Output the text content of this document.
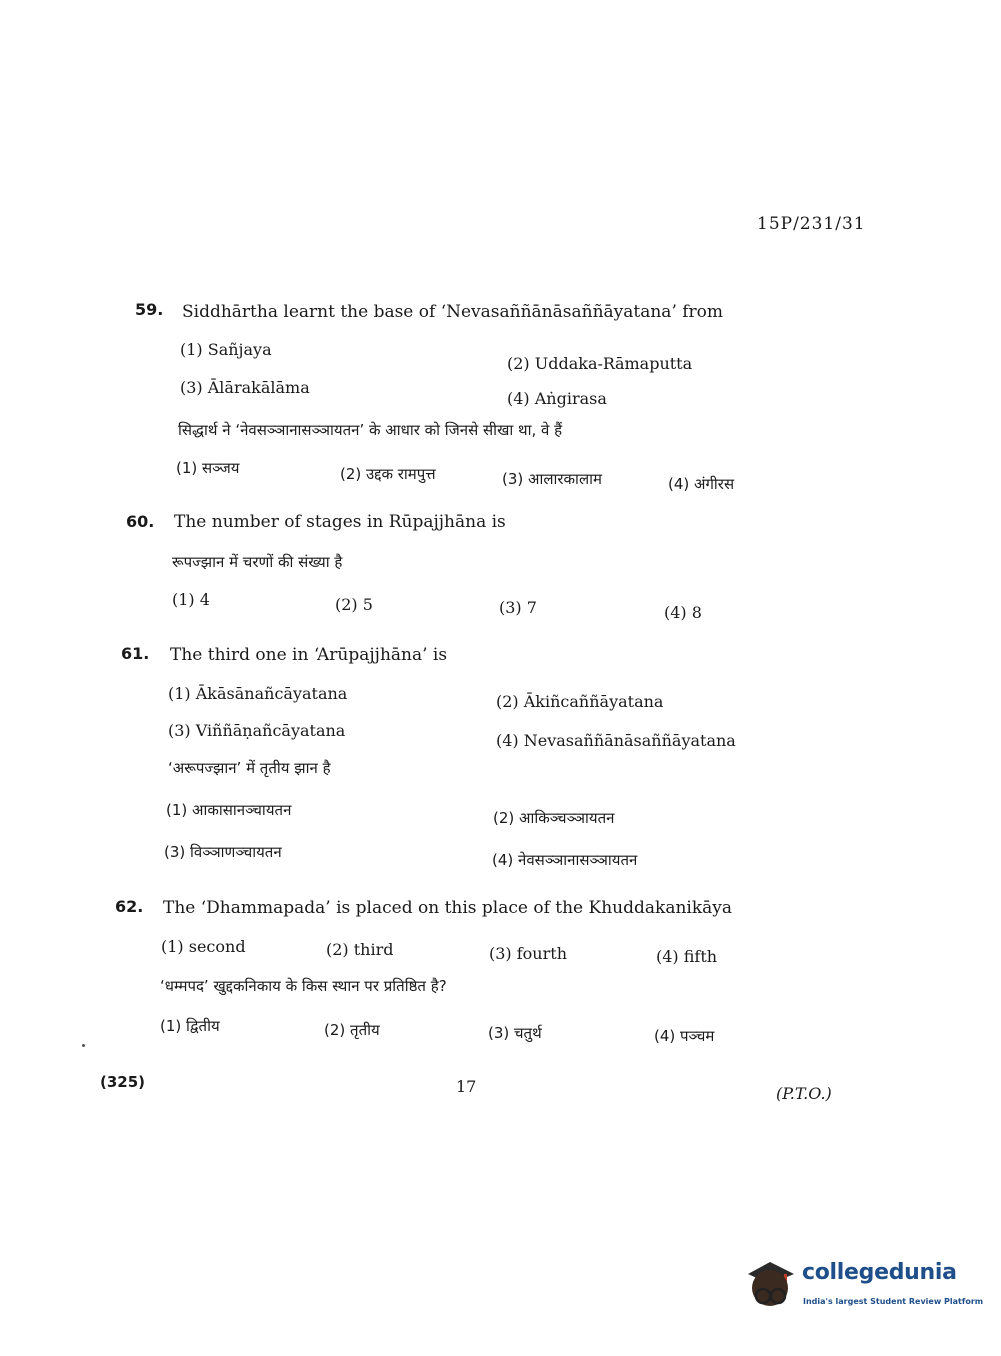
15P/231/31
59. Siddhārtha learnt the base of ‘Nevasaññānāsaññāyatana’ from
(1) Sañjaya
(2) Uddaka-Rāmaputta
(3) Ālārakālāma
(4) Aṅgirasa
सिद्धार्थ ने ‘नेवसञ्ञानासञ्ञायतन’ के आधार को जिनसे सीखा था, वे हैं
(1) सञ्जय	(2) उद्दक रामपुत्त	(3) आलारकालाम	(4) अंगीरस
60. The number of stages in Rūpajjhāna is
रूपज्झान में चरणों की संख्या है
(1) 4	(2) 5	(3) 7	(4) 8
61. The third one in ‘Arūpajjhāna’ is
(1) Ākāsānañcāyatana	(2) Ākiñcaññāyatana
(3) Viññāṇañcāyatana
(4) Nevasaññānāsaññāyatana
‘अरूपज्झान’ में तृतीय झान है
(1) आकासानञ्चायतन	(2) आकिञ्चञ्ञायतन
(3) विञ्ञाणञ्चायतन	(4) नेवसञ्ञानासञ्ञायतन
62. The ‘Dhammapada’ is placed on this place of the Khuddakanikāya
(1) second	(2) third	(3) fourth	(4) fifth
‘धम्मपद’ खुद्दकनिकाय के किस स्थान पर प्रतिष्ठित है?
(1) द्वितीय	(2) तृतीय	(3) चतुर्थ	(4) पञ्चम
(325)	17	(P.T.O.)
collegedunia
India's largest Student Review Platform
